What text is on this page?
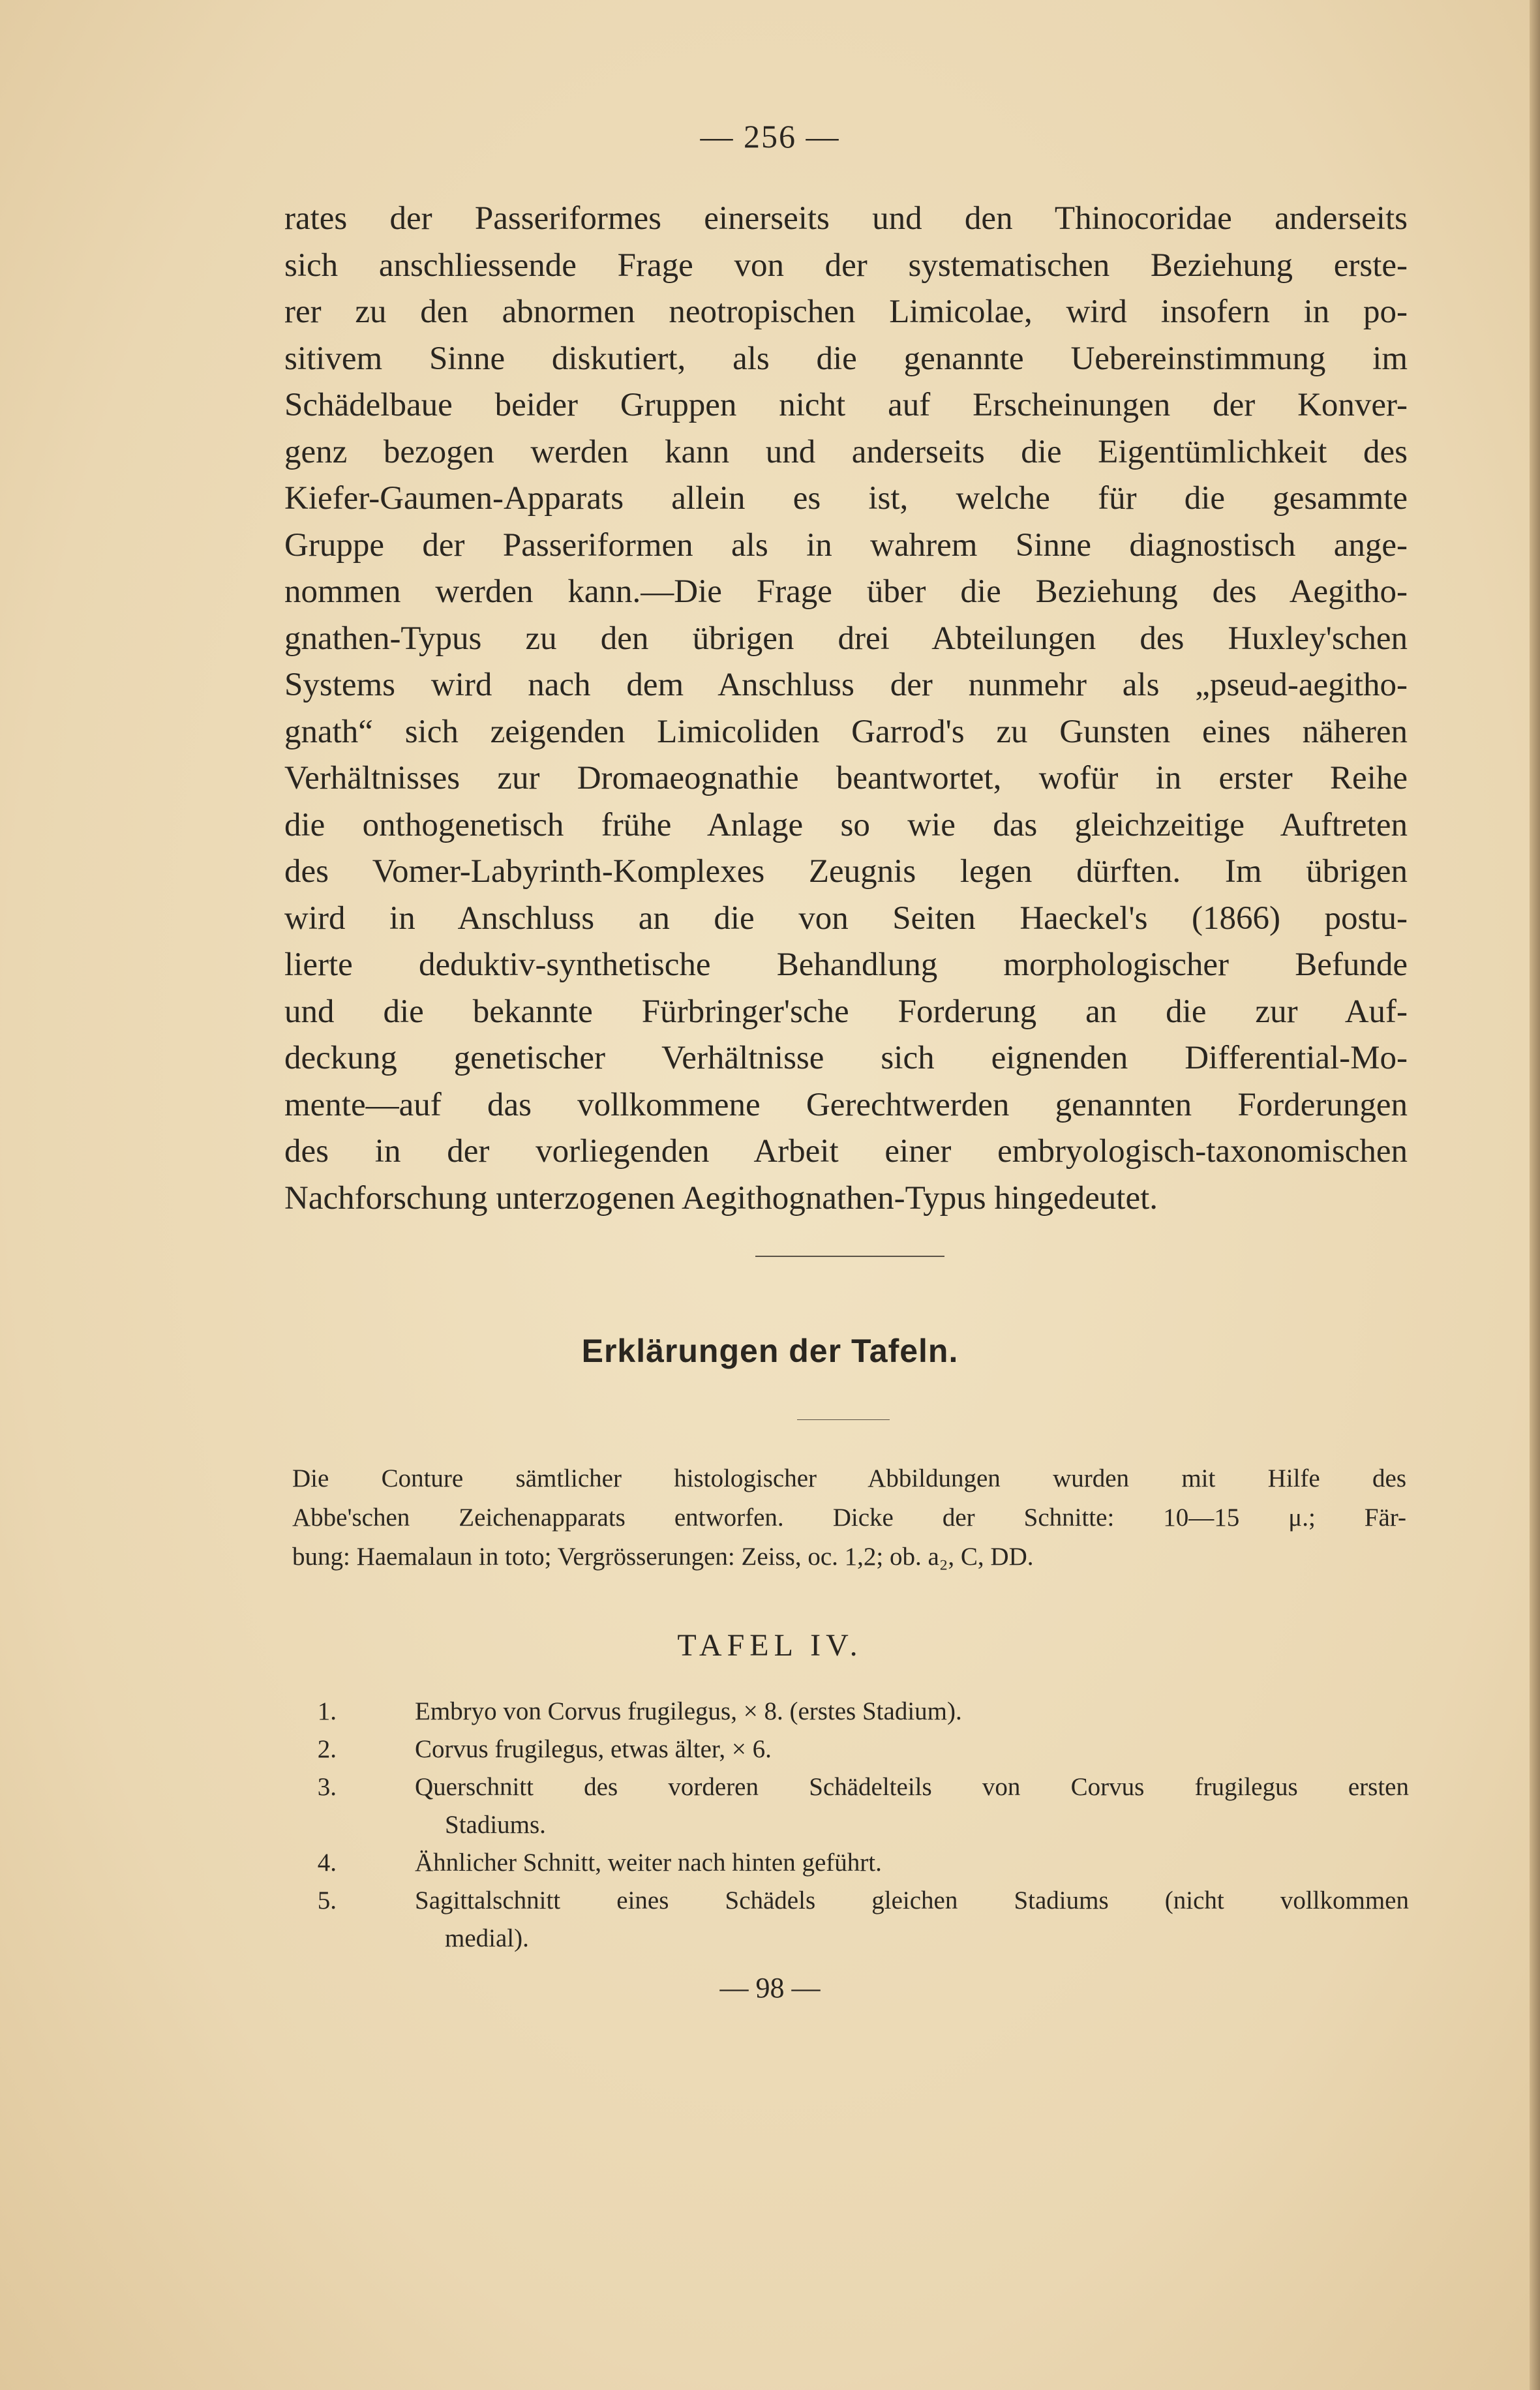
— 256 —
rates der Passeriformes einerseits und den Thinocoridae anderseits
sich anschliessende Frage von der systematischen Beziehung erste-
rer zu den abnormen neotropischen Limicolae, wird insofern in po-
sitivem Sinne diskutiert, als die genannte Uebereinstimmung im
Schädelbaue beider Gruppen nicht auf Erscheinungen der Konver-
genz bezogen werden kann und anderseits die Eigentümlichkeit des
Kiefer-Gaumen-Apparats allein es ist, welche für die gesammte
Gruppe der Passeriformen als in wahrem Sinne diagnostisch ange-
nommen werden kann.—Die Frage über die Beziehung des Aegitho-
gnathen-Typus zu den übrigen drei Abteilungen des Huxley'schen
Systems wird nach dem Anschluss der nunmehr als „pseud-aegitho-
gnath“ sich zeigenden Limicoliden Garrod's zu Gunsten eines näheren
Verhältnisses zur Dromaeognathie beantwortet, wofür in erster Reihe
die onthogenetisch frühe Anlage so wie das gleichzeitige Auftreten
des Vomer-Labyrinth-Komplexes Zeugnis legen dürften. Im übrigen
wird in Anschluss an die von Seiten Haeckel's (1866) postu-
lierte deduktiv-synthetische Behandlung morphologischer Befunde
und die bekannte Fürbringer'sche Forderung an die zur Auf-
deckung genetischer Verhältnisse sich eignenden Differential-Mo-
mente—auf das vollkommene Gerechtwerden genannten Forderungen
des in der vorliegenden Arbeit einer embryologisch-taxonomischen
Nachforschung unterzogenen Aegithognathen-Typus hingedeutet.
Erklärungen der Tafeln.
Die Conture sämtlicher histologischer Abbildungen wurden mit Hilfe des
Abbe'schen Zeichenapparats entworfen. Dicke der Schnitte: 10—15 μ.; Fär-
bung: Haemalaun in toto; Vergrösserungen: Zeiss, oc. 1,2; ob. a₂, C, DD.
TAFEL IV.
1.	Embryo von Corvus frugilegus, × 8. (erstes Stadium).
2.	Corvus frugilegus, etwas älter, × 6.
3.	Querschnitt des vorderen Schädelteils von Corvus frugilegus ersten
Stadiums.
4.	Ähnlicher Schnitt, weiter nach hinten geführt.
5.	Sagittalschnitt eines Schädels gleichen Stadiums (nicht vollkommen
medial).
— 98 —
